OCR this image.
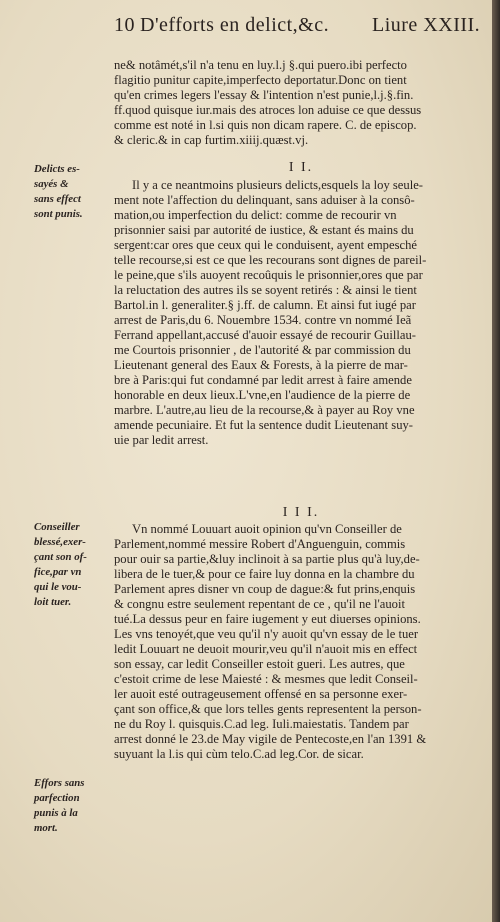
10 D'efforts en delict,&c. Liure XXIII.

ne& notâmét,s'il n'a tenu en luy.l.j §.qui puero.ibi perfecto

flagitio punitur capite,imperfecto deportatur.Donc on tient

qu'en crimes legers l'essay & l'intention n'est punie,l.j.§.fin.

ff.quod quisque iur.mais des atroces lon aduise ce que dessus

comme est noté in l.si quis non dicam rapere. C. de episcop.

& cleric.& in cap furtim.xiiij.quæst.vj.

I I.

Il y a ce neantmoins plusieurs delicts,esquels la loy seule-

ment note l'affection du delinquant, sans aduiser à la consô-

mation,ou imperfection du delict: comme de recourir vn

prisonnier saisi par autorité de iustice, & estant és mains du

sergent:car ores que ceux qui le conduisent, ayent empesché

telle recourse,si est ce que les recourans sont dignes de pareil-

le peine,que s'ils auoyent recoûquis le prisonnier,ores que par

la reluctation des autres ils se soyent retirés : & ainsi le tient

Bartol.in l. generaliter.§ j.ff. de calumn. Et ainsi fut iugé par

arrest de Paris,du 6. Nouembre 1534. contre vn nommé Ieã

Ferrand appellant,accusé d'auoir essayé de recourir Guillau-

me Courtois prisonnier , de l'autorité & par commission du

Lieutenant general des Eaux & Forests, à la pierre de mar-

bre à Paris:qui fut condamné par ledit arrest à faire amende

honorable en deux lieux.L'vne,en l'audience de la pierre de

marbre. L'autre,au lieu de la recourse,& à payer au Roy vne

amende pecuniaire. Et fut la sentence dudit Lieutenant suy-

uie par ledit arrest.

I I I.

Vn nommé Louuart auoit opinion qu'vn Conseiller de

Parlement,nommé messire Robert d'Anguenguin, commis

pour ouir sa partie,&luy inclinoit à sa partie plus qu'à luy,de-

libera de le tuer,& pour ce faire luy donna en la chambre du

Parlement apres disner vn coup de dague:& fut prins,enquis

& congnu estre seulement repentant de ce , qu'il ne l'auoit

tué.La dessus peur en faire iugement y eut diuerses opinions.

Les vns tenoyét,que veu qu'il n'y auoit qu'vn essay de le tuer

ledit Louuart ne deuoit mourir,veu qu'il n'auoit mis en effect

son essay, car ledit Conseiller estoit gueri. Les autres, que

c'estoit crime de lese Maiesté : & mesmes que ledit Conseil-

ler auoit esté outrageusement offensé en sa personne exer-

çant son office,& que lors telles gents representent la person-

ne du Roy l. quisquis.C.ad leg. Iuli.maiestatis. Tandem par

arrest donné le 23.de May vigile de Pentecoste,en l'an 1391 &

suyuant la l.is qui cùm telo.C.ad leg.Cor. de sicar.

Delicts es-
sayés &
sans effect
sont punis.
Conseiller
blessé,exer-
çant son of-
fice,par vn
qui le vou-
loit tuer.
Effors sans
parfection
punis à la
mort.
